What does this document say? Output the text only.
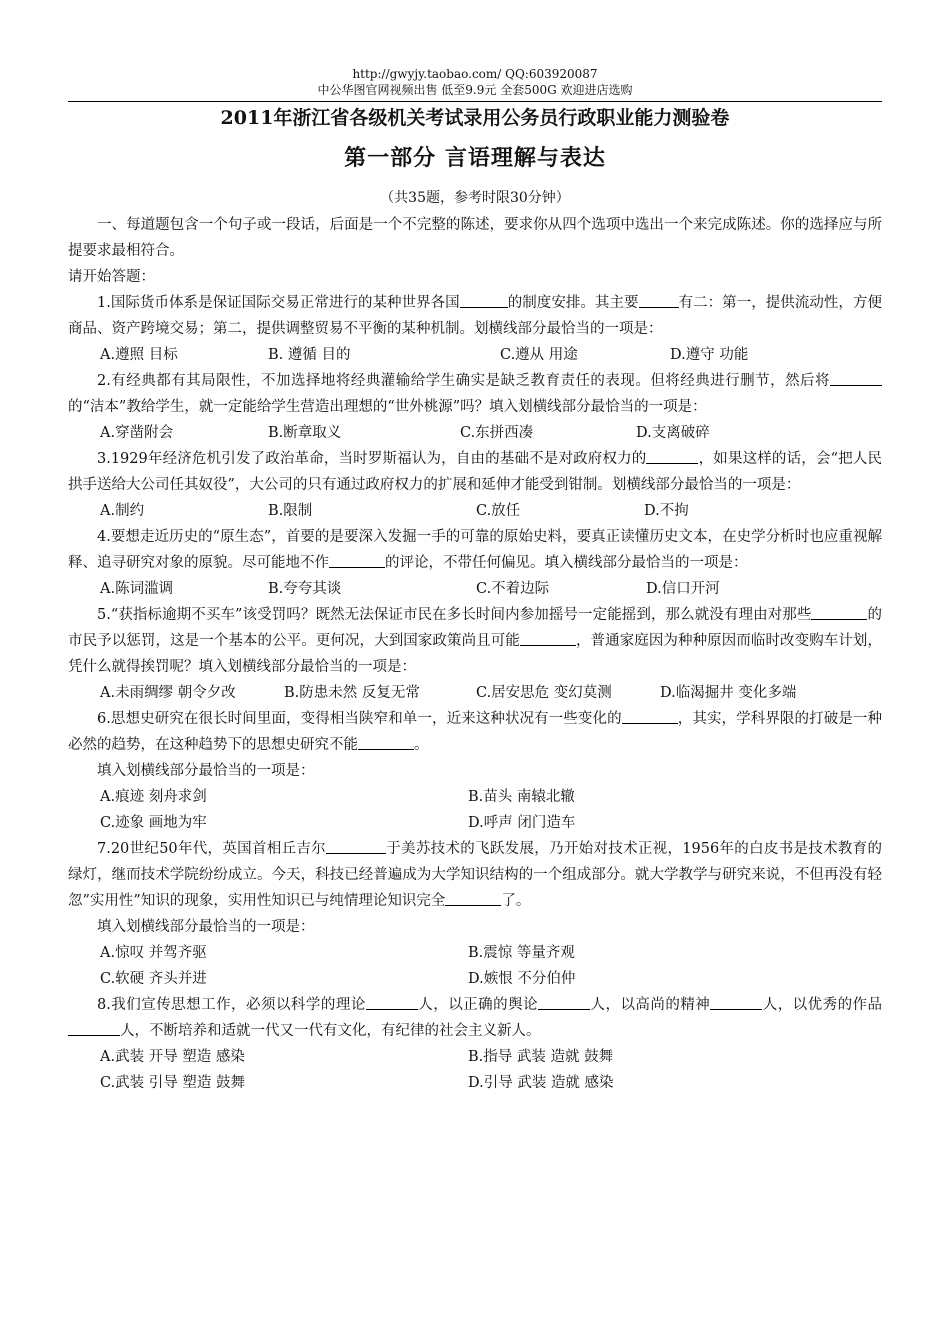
http://gwyjy.taobao.com/ QQ:603920087
中公华图官网视频出售 低至9.9元 全套500G 欢迎进店选购
2011年浙江省各级机关考试录用公务员行政职业能力测验卷
第一部分 言语理解与表达
（共35题，参考时限30分钟）
一、每道题包含一个句子或一段话，后面是一个不完整的陈述，要求你从四个选项中选出一个来完成陈述。你的选择应与所提要求最相符合。
请开始答题：
1.国际货币体系是保证国际交易正常进行的某种世界各国	的制度安排。其主要	有二：第一，提供流动性，方便商品、资产跨境交易；第二，提供调整贸易不平衡的某种机制。划横线部分最恰当的一项是：
A.遵照 目标	B. 遵循 目的	C.遵从 用途	D.遵守 功能
2.有经典都有其局限性，不加选择地将经典灌输给学生确实是缺乏教育责任的表现。但将经典进行删节，然后将的“洁本”教给学生，就一定能给学生营造出理想的“世外桃源”吗？填入划横线部分最恰当的一项是：
A.穿凿附会	B.断章取义	C.东拼西凑	D.支离破碎
3.1929年经济危机引发了政治革命，当时罗斯福认为，自由的基础不是对政府权力的	，如果这样的话，会“把人民拱手送给大公司任其奴役”，大公司的只有通过政府权力的扩展和延伸才能受到钳制。划横线部分最恰当的一项是：
A.制约	B.限制	C.放任	D.不拘
4.要想走近历史的“原生态”，首要的是要深入发掘一手的可靠的原始史料，要真正读懂历史文本，在史学分析时也应重视解释、追寻研究对象的原貌。尽可能地不作	的评论，不带任何偏见。填入横线部分最恰当的一项是：
A.陈词滥调	B.夸夸其谈	C.不着边际	D.信口开河
5.“获指标逾期不买车”该受罚吗？既然无法保证市民在多长时间内参加摇号一定能摇到，那么就没有理由对那些	的市民予以惩罚，这是一个基本的公平。更何况，大到国家政策尚且可能	，普通家庭因为种种原因而临时改变购车计划，凭什么就得挨罚呢？填入划横线部分最恰当的一项是：
A.未雨绸缪 朝令夕改	B.防患未然 反复无常	C.居安思危 变幻莫测	D.临渴掘井 变化多端
6.思想史研究在很长时间里面，变得相当陕窄和单一，近来这种状况有一些变化的	，其实，学科界限的打破是一种必然的趋势，在这种趋势下的思想史研究不能	。
填入划横线部分最恰当的一项是：
A.痕迹 刻舟求剑	B.苗头 南辕北辙
C.迹象 画地为牢	D.呼声 闭门造车
7.20世纪50年代，英国首相丘吉尔	于美苏技术的飞跃发展，乃开始对技术正视，1956年的白皮书是技术教育的绿灯，继而技术学院纷纷成立。今天，科技已经普遍成为大学知识结构的一个组成部分。就大学教学与研究来说，不但再没有轻忽”实用性”知识的现象，实用性知识已与纯情理论知识完全	了。
填入划横线部分最恰当的一项是：
A.惊叹 并驾齐驱	B.震惊 等量齐观
C.软硬 齐头并进	D.嫉恨 不分伯仲
8.我们宣传思想工作，必须以科学的理论	人，以正确的舆论	人，以高尚的精神	人，以优秀的作品人，不断培养和适就一代又一代有文化，有纪律的社会主义新人。
A.武装 开导 塑造 感染	B.指导 武装 造就 鼓舞
C.武装 引导 塑造 鼓舞	D.引导 武装 造就 感染
